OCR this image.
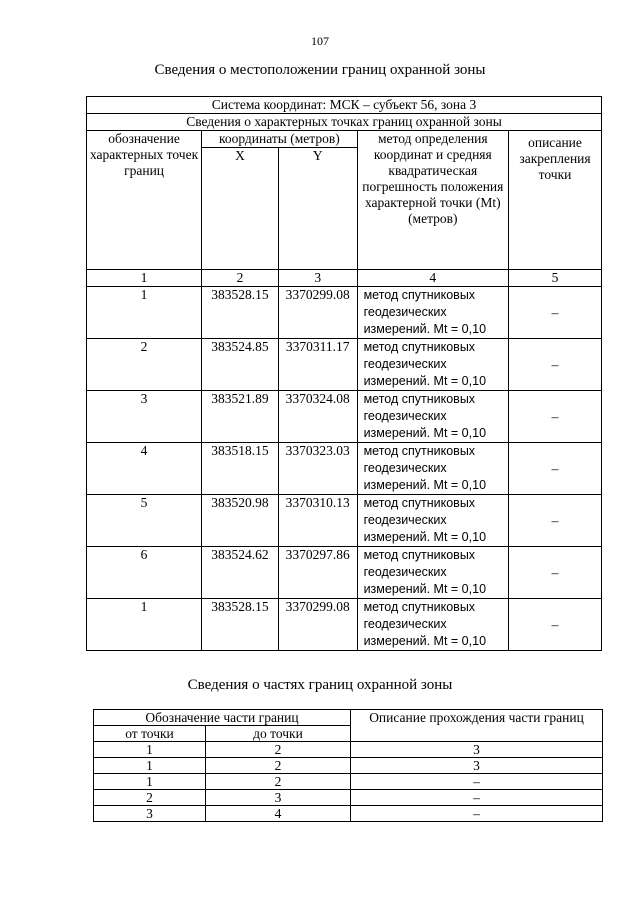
107
Сведения о местоположении границ охранной зоны
Система координат: МСК – субъект 56, зона 3				
Сведения о характерных точках границ охранной зоны				
обозначение характерных точек границ	координаты (метров)		метод определения координат и средняя квадратическая погрешность положения характерной точки (Mt) (метров)	описание закрепления точки
	X	Y		
1	2	3	4	5
1	383528.15	3370299.08	метод спутниковых геодезических измерений. Mt = 0,10	–
2	383524.85	3370311.17	метод спутниковых геодезических измерений. Mt = 0,10	–
3	383521.89	3370324.08	метод спутниковых геодезических измерений. Mt = 0,10	–
4	383518.15	3370323.03	метод спутниковых геодезических измерений. Mt = 0,10	–
5	383520.98	3370310.13	метод спутниковых геодезических измерений. Mt = 0,10	–
6	383524.62	3370297.86	метод спутниковых геодезических измерений. Mt = 0,10	–
1	383528.15	3370299.08	метод спутниковых геодезических измерений. Mt = 0,10	–
Сведения о частях границ охранной зоны
Обозначение части границ		Описание прохождения части границ
от точки	до точки	
1	2	3
1	2	3
1	2	–
2	3	–
3	4	–
